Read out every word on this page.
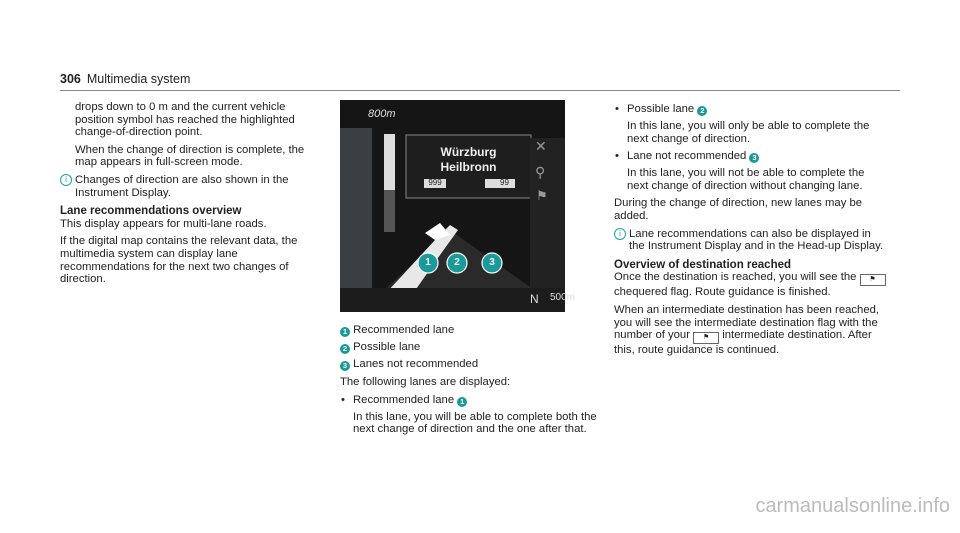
306 Multimedia system

drops down to 0 m and the current vehicle position symbol has reached the highlighted change-of-direction point.

When the change of direction is complete, the map appears in full-screen mode.

i Changes of direction are also shown in the Instrument Display.
Lane recommendations overview

This display appears for multi-lane roads.

If the digital map contains the relevant data, the multimedia system can display lane recommendations for the next two changes of direction.

800m
Würzburg
Heilbronn
999	99
✕
⚲
⚑
1	2	3
N 500m
1 Recommended lane
2 Possible lane
3 Lanes not recommended

The following lanes are displayed:

• Recommended lane 1

In this lane, you will be able to complete both the next change of direction and the one after that.

• Possible lane 2

In this lane, you will only be able to complete the next change of direction.

• Lane not recommended 3

In this lane, you will not be able to complete the next change of direction without changing lane.

During the change of direction, new lanes may be added.

i Lane recommendations can also be displayed in the Instrument Display and in the Head-up Display.
Overview of destination reached

Once the destination is reached, you will see the ⚑ chequered flag. Route guidance is finished.

When an intermediate destination has been reached, you will see the intermediate destination flag with the number of your ⚑ intermediate destination. After this, route guidance is continued.

carmanualsonline.info
